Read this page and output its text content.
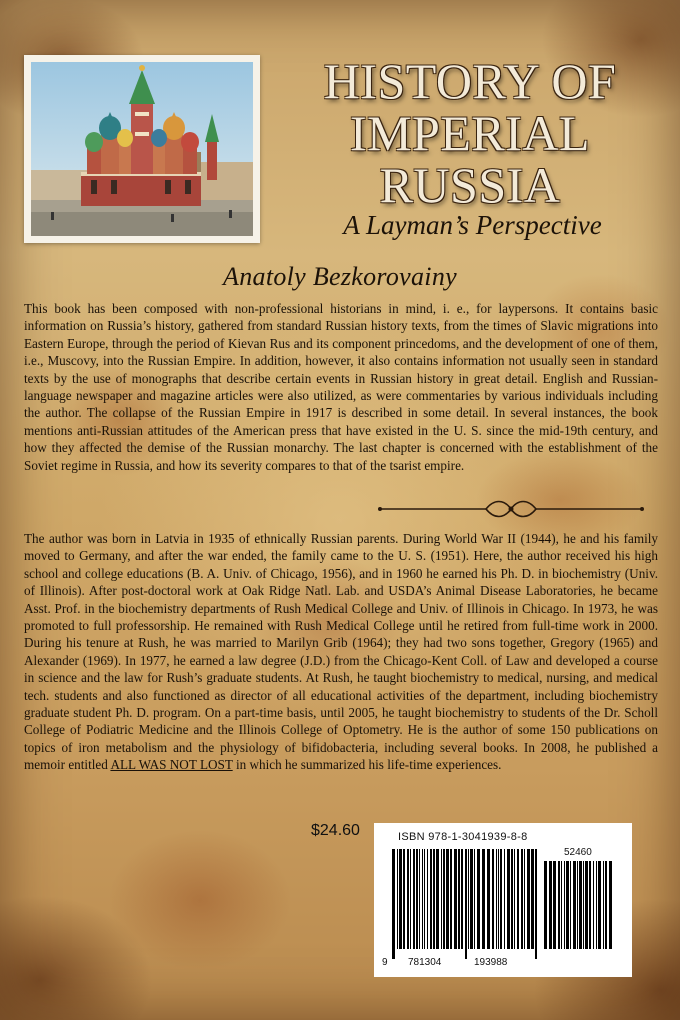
HISTORY OF
IMPERIAL
RUSSIA
A Layman’s Perspective
Anatoly Bezkorovainy

This book has been composed with non-professional historians in mind, i. e., for laypersons. It contains basic information on Russia’s history, gathered from standard Russian history texts, from the times of Slavic migrations into Eastern Europe, through the period of Kievan Rus and its component princedoms, and the development of one of them, i.e., Muscovy, into the Russian Empire. In addition, however, it also contains information not usually seen in standard texts by the use of monographs that describe certain events in Russian history in great detail. English and Russian-language newspaper and magazine articles were also utilized, as were commentaries by various individuals including the author. The collapse of the Russian Empire in 1917 is described in some detail. In several instances, the book mentions anti-Russian attitudes of the American press that have existed in the U. S. since the mid-19th century, and how they affected the demise of the Russian monarchy. The last chapter is concerned with the establishment of the Soviet regime in Russia, and how its severity compares to that of the tsarist empire.

The author was born in Latvia in 1935 of ethnically Russian parents. During World War II (1944), he and his family moved to Germany, and after the war ended, the family came to the U. S. (1951). Here, the author received his high school and college educations (B. A. Univ. of Chicago, 1956), and in 1960 he earned his Ph. D. in biochemistry (Univ. of Illinois). After post-doctoral work at Oak Ridge Natl. Lab. and USDA’s Animal Disease Laboratories, he became Asst. Prof. in the biochemistry departments of Rush Medical College and Univ. of Illinois in Chicago. In 1973, he was promoted to full professorship. He remained with Rush Medical College until he retired from full-time work in 2000. During his tenure at Rush, he was married to Marilyn Grib (1964); they had two sons together, Gregory (1965) and Alexander (1969). In 1977, he earned a law degree (J.D.) from the Chicago-Kent Coll. of Law and developed a course in science and the law for Rush’s graduate students. At Rush, he taught biochemistry to medical, nursing, and medical tech. students and also functioned as director of all educational activities of the department, including biochemistry graduate student Ph. D. program. On a part-time basis, until 2005, he taught biochemistry to students of the Dr. Scholl College of Podiatric Medicine and the Illinois College of Optometry. He is the author of some 150 publications on topics of iron metabolism and the physiology of bifidobacteria, including several books. In 2008, he published a memoir entitled ALL WAS NOT LOST in which he summarized his life-time experiences.

$24.60	ISBN 978-1-3041939-8-8
52460
9 781304	193988
